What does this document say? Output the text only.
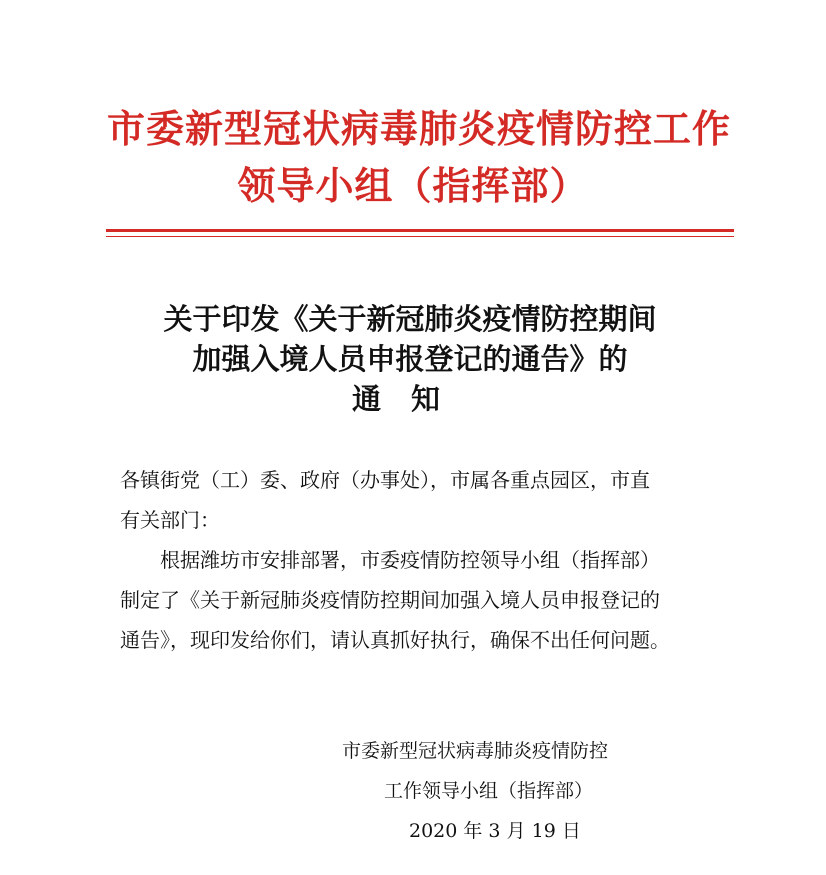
市委新型冠状病毒肺炎疫情防控工作
领导小组（指挥部）
关于印发《关于新冠肺炎疫情防控期间
加强入境人员申报登记的通告》的
通知
各镇街党（工）委、政府（办事处），市属各重点园区，市直
有关部门：
根据潍坊市安排部署，市委疫情防控领导小组（指挥部）
制定了《关于新冠肺炎疫情防控期间加强入境人员申报登记的
通告》，现印发给你们，请认真抓好执行，确保不出任何问题。
市委新型冠状病毒肺炎疫情防控
工作领导小组（指挥部）
2020 年 3 月 19 日
